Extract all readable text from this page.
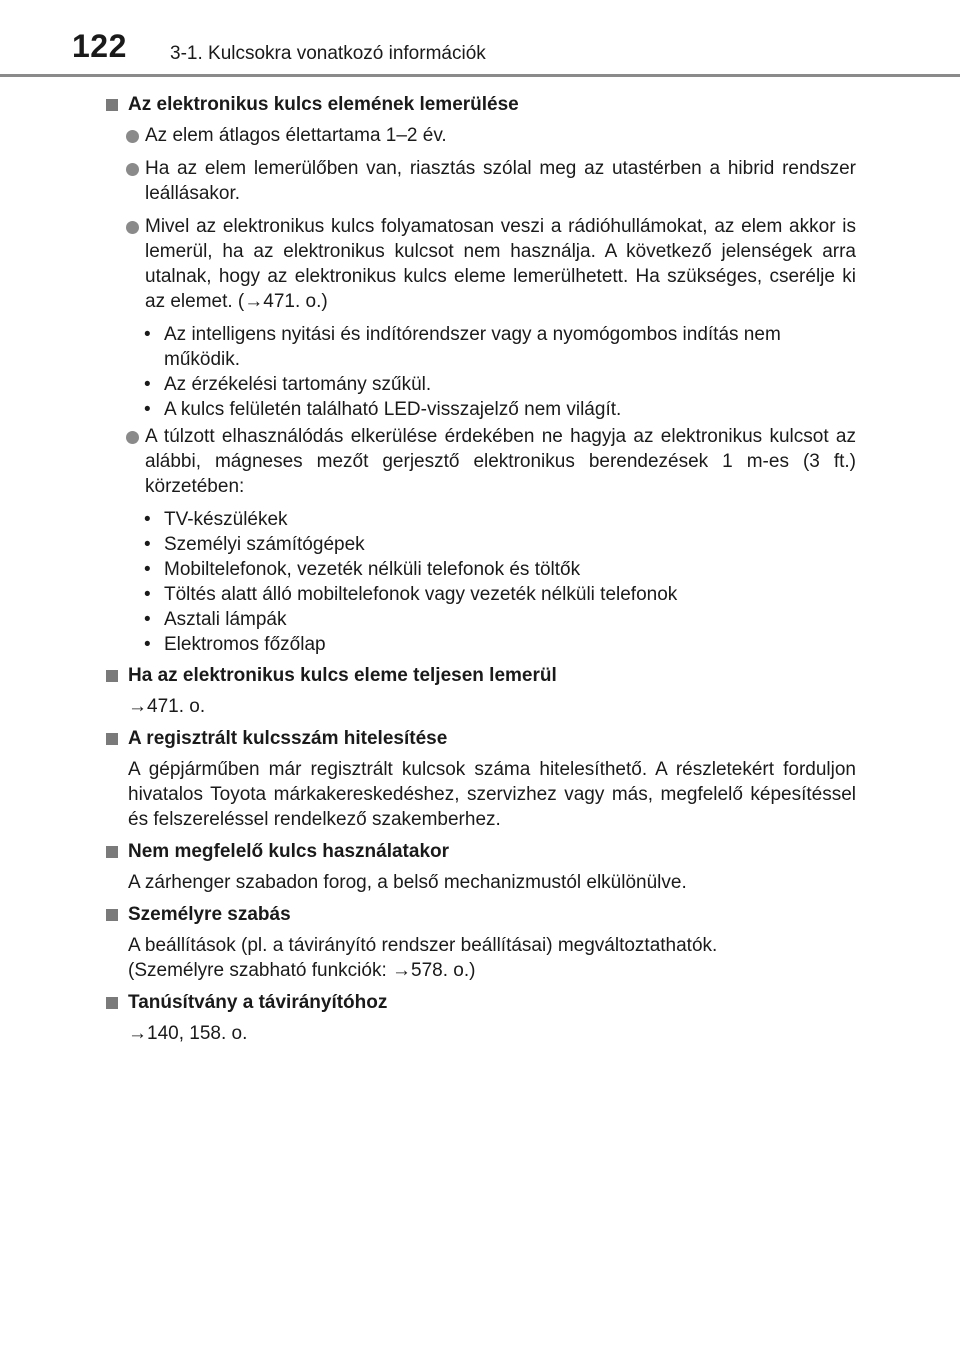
122 3-1. Kulcsokra vonatkozó információk
Az elektronikus kulcs elemének lemerülése
Az elem átlagos élettartama 1–2 év.
Ha az elem lemerülőben van, riasztás szólal meg az utastérben a hibrid rendszer leállásakor.
Mivel az elektronikus kulcs folyamatosan veszi a rádióhullámokat, az elem akkor is lemerül, ha az elektronikus kulcsot nem használja. A következő jelenségek arra utalnak, hogy az elektronikus kulcs eleme lemerülhetett. Ha szükséges, cserélje ki az elemet. (→471. o.)
• Az intelligens nyitási és indítórendszer vagy a nyomógombos indítás nem működik.
• Az érzékelési tartomány szűkül.
• A kulcs felületén található LED-visszajelző nem világít.
A túlzott elhasználódás elkerülése érdekében ne hagyja az elektronikus kulcsot az alábbi, mágneses mezőt gerjesztő elektronikus berendezések 1 m-es (3 ft.) körzetében:
• TV-készülékek
• Személyi számítógépek
• Mobiltelefonok, vezeték nélküli telefonok és töltők
• Töltés alatt álló mobiltelefonok vagy vezeték nélküli telefonok
• Asztali lámpák
• Elektromos főzőlap
Ha az elektronikus kulcs eleme teljesen lemerül
→471. o.
A regisztrált kulcsszám hitelesítése
A gépjárműben már regisztrált kulcsok száma hitelesíthető. A részletekért forduljon hivatalos Toyota márkakereskedéshez, szervizhez vagy más, megfelelő képesítéssel és felszereléssel rendelkező szakemberhez.
Nem megfelelő kulcs használatakor
A zárhenger szabadon forog, a belső mechanizmustól elkülönülve.
Személyre szabás
A beállítások (pl. a távirányító rendszer beállításai) megváltoztathatók.
(Személyre szabható funkciók: →578. o.)
Tanúsítvány a távirányítóhoz
→140, 158. o.
